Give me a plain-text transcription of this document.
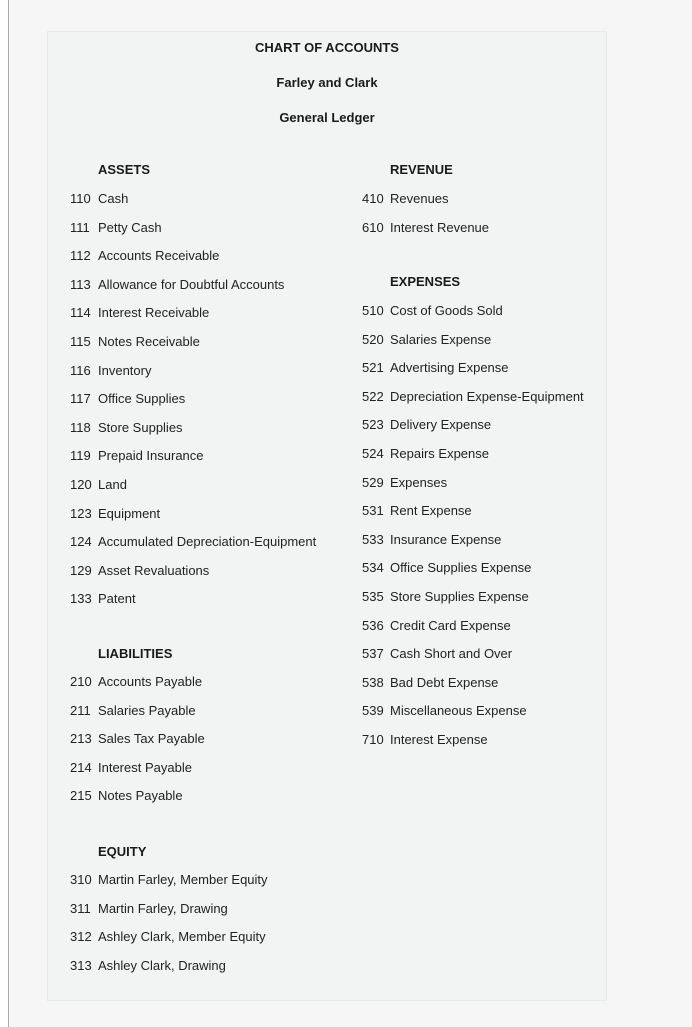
CHART OF ACCOUNTS
Farley and Clark
General Ledger
ASSETS
110 Cash
111 Petty Cash
112 Accounts Receivable
113 Allowance for Doubtful Accounts
114 Interest Receivable
115 Notes Receivable
116 Inventory
117 Office Supplies
118 Store Supplies
119 Prepaid Insurance
120 Land
123 Equipment
124 Accumulated Depreciation-Equipment
129 Asset Revaluations
133 Patent
LIABILITIES
210 Accounts Payable
211 Salaries Payable
213 Sales Tax Payable
214 Interest Payable
215 Notes Payable
EQUITY
310 Martin Farley, Member Equity
311 Martin Farley, Drawing
312 Ashley Clark, Member Equity
313 Ashley Clark, Drawing
REVENUE
410 Revenues
610 Interest Revenue
EXPENSES
510 Cost of Goods Sold
520 Salaries Expense
521 Advertising Expense
522 Depreciation Expense-Equipment
523 Delivery Expense
524 Repairs Expense
529 Expenses
531 Rent Expense
533 Insurance Expense
534 Office Supplies Expense
535 Store Supplies Expense
536 Credit Card Expense
537 Cash Short and Over
538 Bad Debt Expense
539 Miscellaneous Expense
710 Interest Expense
